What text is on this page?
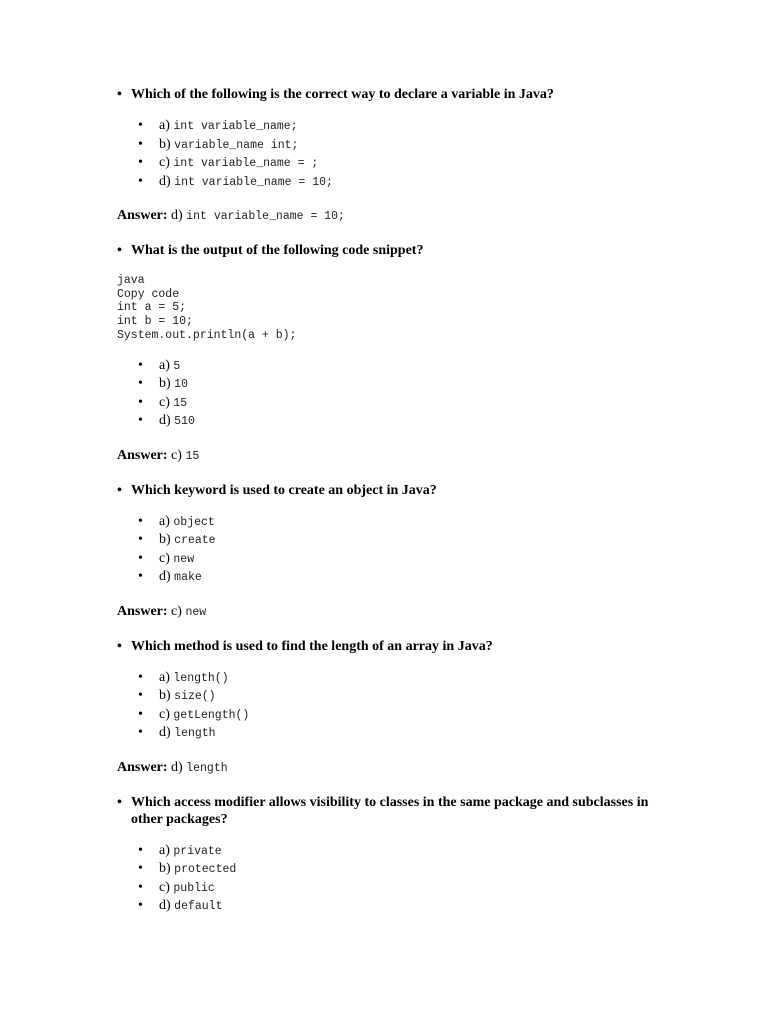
• Which of the following is the correct way to declare a variable in Java?

• a) int variable_name;
• b) variable_name int;
• c) int variable_name = ;
• d) int variable_name = 10;

Answer: d) int variable_name = 10;

• What is the output of the following code snippet?

java
Copy code
int a = 5;
int b = 10;
System.out.println(a + b);
• a) 5
• b) 10
• c) 15
• d) 510

Answer: c) 15

• Which keyword is used to create an object in Java?

• a) object
• b) create
• c) new
• d) make

Answer: c) new

• Which method is used to find the length of an array in Java?

• a) length()
• b) size()
• c) getLength()
• d) length

Answer: d) length

• Which access modifier allows visibility to classes in the same package and subclasses in other packages?

• a) private
• b) protected
• c) public
• d) default
